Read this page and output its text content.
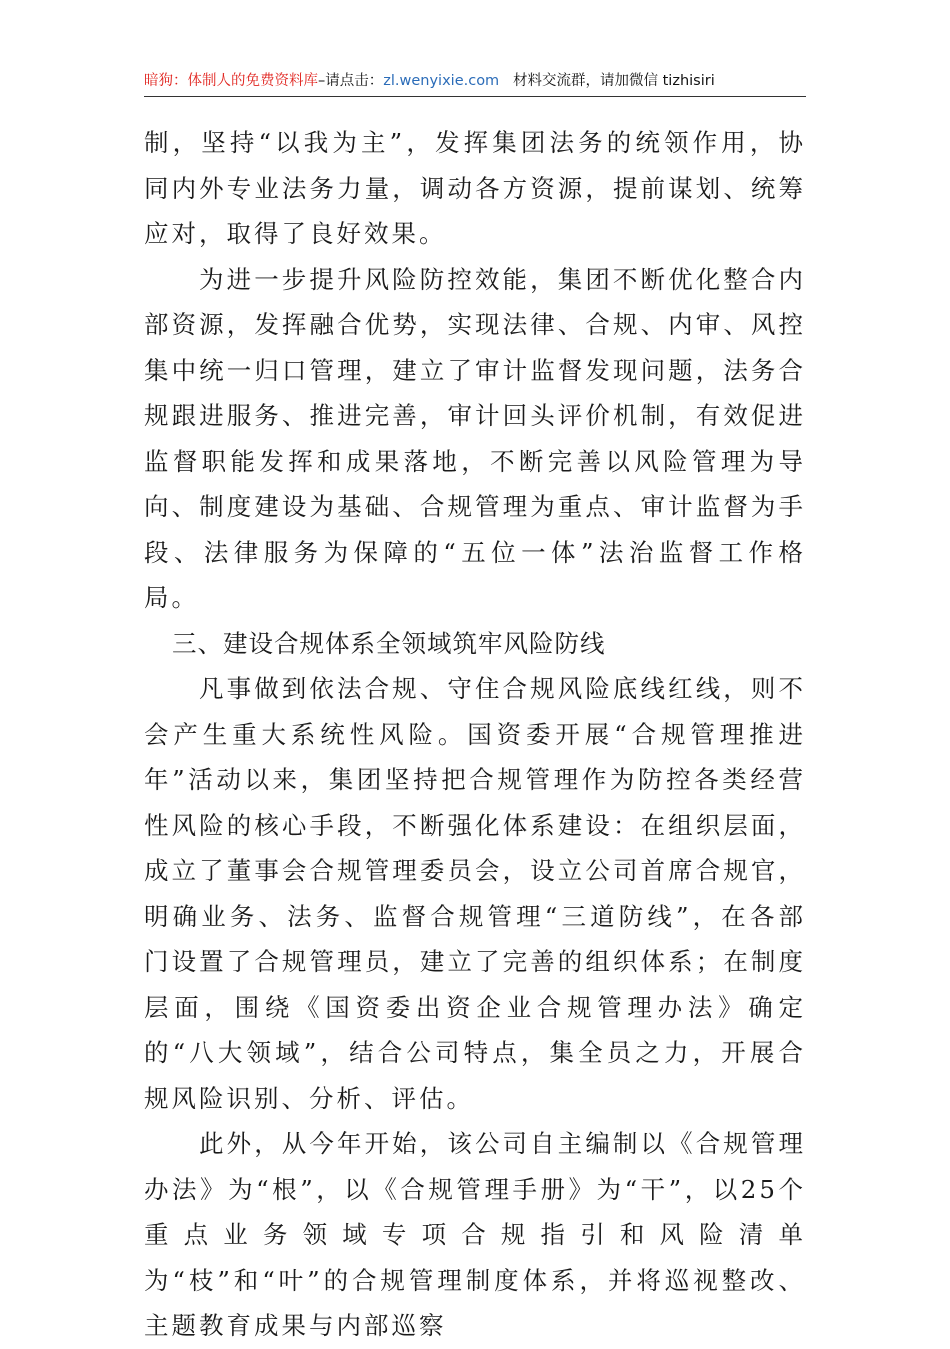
暗狗：体制人的免费资料库–请点击：zl.wenyixie.com 材料交流群，请加微信 tizhisiri

制，坚持“以我为主”，发挥集团法务的统领作用，协同内外专业法务力量，调动各方资源，提前谋划、统筹应对，取得了良好效果。

为进一步提升风险防控效能，集团不断优化整合内部资源，发挥融合优势，实现法律、合规、内审、风控集中统一归口管理，建立了审计监督发现问题，法务合规跟进服务、推进完善，审计回头评价机制，有效促进监督职能发挥和成果落地，不断完善以风险管理为导向、制度建设为基础、合规管理为重点、审计监督为手段、法律服务为保障的“五位一体”法治监督工作格局。

三、建设合规体系全领域筑牢风险防线

凡事做到依法合规、守住合规风险底线红线，则不会产生重大系统性风险。国资委开展“合规管理推进年”活动以来，集团坚持把合规管理作为防控各类经营性风险的核心手段，不断强化体系建设：在组织层面，成立了董事会合规管理委员会，设立公司首席合规官，明确业务、法务、监督合规管理“三道防线”，在各部门设置了合规管理员，建立了完善的组织体系；在制度层面，围绕《国资委出资企业合规管理办法》确定的“八大领域”，结合公司特点，集全员之力，开展合规风险识别、分析、评估。

此外，从今年开始，该公司自主编制以《合规管理办法》为“根”，以《合规管理手册》为“干”，以25个重点业务领域专项合规指引和风险清单为“枝”和“叶”的合规管理制度体系，并将巡视整改、主题教育成果与内部巡察
